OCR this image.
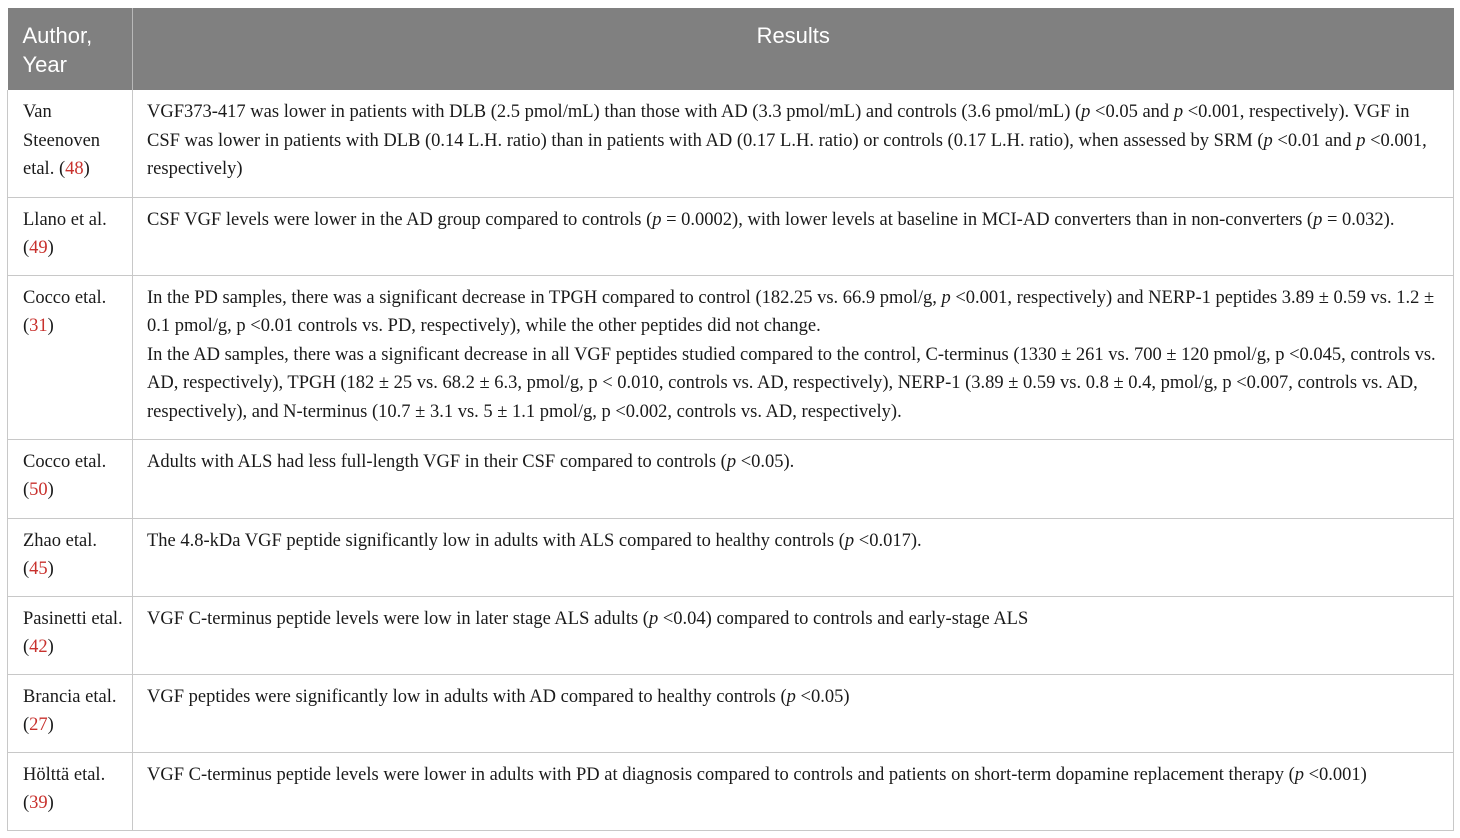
Author,
Year	Results
Van Steenoven etal. (48)	VGF373-417 was lower in patients with DLB (2.5 pmol/mL) than those with AD (3.3 pmol/mL) and controls (3.6 pmol/mL) (p <0.05 and p <0.001, respectively). VGF in CSF was lower in patients with DLB (0.14 L.H. ratio) than in patients with AD (0.17 L.H. ratio) or controls (0.17 L.H. ratio), when assessed by SRM (p <0.01 and p <0.001, respectively)
Llano et al. (49)	CSF VGF levels were lower in the AD group compared to controls (p = 0.0002), with lower levels at baseline in MCI-AD converters than in non-converters (p = 0.032).
Cocco etal. (31)	In the PD samples, there was a significant decrease in TPGH compared to control (182.25 vs. 66.9 pmol/g, p <0.001, respectively) and NERP-1 peptides 3.89 ± 0.59 vs. 1.2 ± 0.1 pmol/g, p <0.01 controls vs. PD, respectively), while the other peptides did not change.
In the AD samples, there was a significant decrease in all VGF peptides studied compared to the control, C-terminus (1330 ± 261 vs. 700 ± 120 pmol/g, p <0.045, controls vs. AD, respectively), TPGH (182 ± 25 vs. 68.2 ± 6.3, pmol/g, p < 0.010, controls vs. AD, respectively), NERP-1 (3.89 ± 0.59 vs. 0.8 ± 0.4, pmol/g, p <0.007, controls vs. AD, respectively), and N-terminus (10.7 ± 3.1 vs. 5 ± 1.1 pmol/g, p <0.002, controls vs. AD, respectively).
Cocco etal. (50)	Adults with ALS had less full-length VGF in their CSF compared to controls (p <0.05).
Zhao etal. (45)	The 4.8-kDa VGF peptide significantly low in adults with ALS compared to healthy controls (p <0.017).
Pasinetti etal. (42)	VGF C-terminus peptide levels were low in later stage ALS adults (p <0.04) compared to controls and early-stage ALS
Brancia etal. (27)	VGF peptides were significantly low in adults with AD compared to healthy controls (p <0.05)
Hölttä etal. (39)	VGF C-terminus peptide levels were lower in adults with PD at diagnosis compared to controls and patients on short-term dopamine replacement therapy (p <0.001)
